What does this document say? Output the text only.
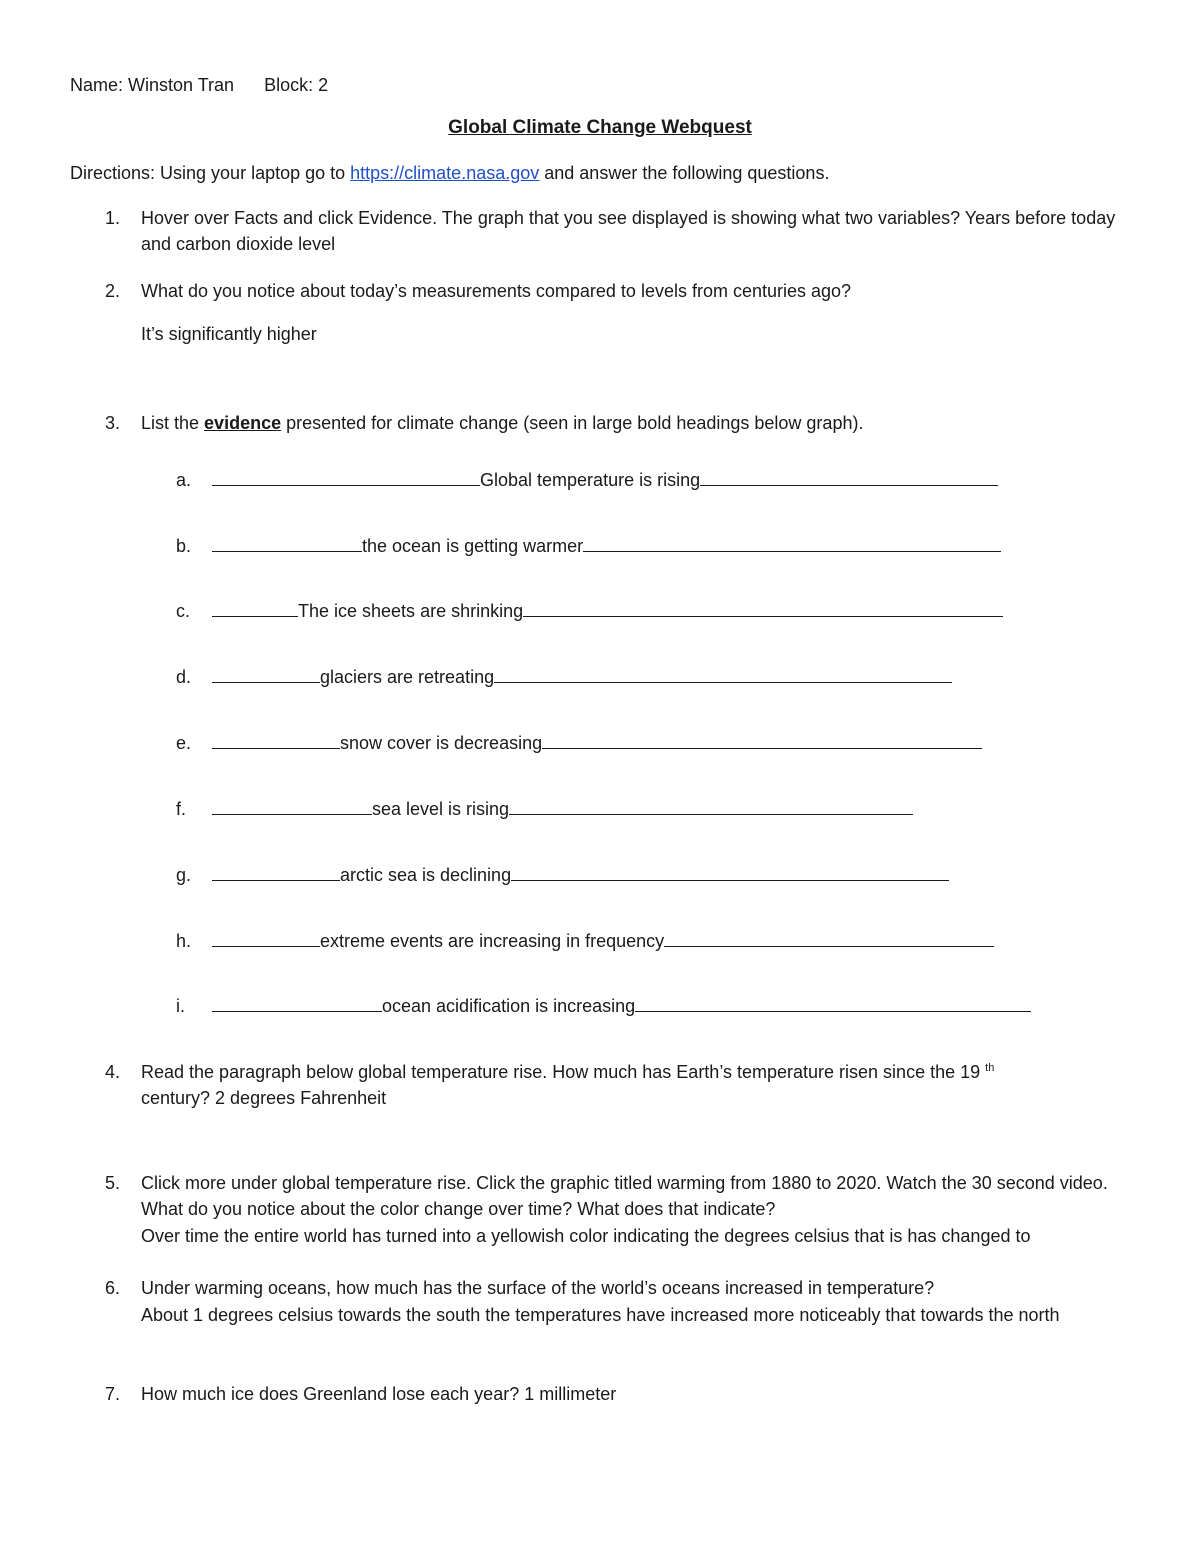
Name: Winston Tran Block: 2
Global Climate Change Webquest
Directions: Using your laptop go to https://climate.nasa.gov and answer the following questions.
1.	Hover over Facts and click Evidence. The graph that you see displayed is showing what two variables? Years before today and carbon dioxide level
2.	What do you notice about today’s measurements compared to levels from centuries ago?
It’s significantly higher
3.	List the evidence presented for climate change (seen in large bold headings below graph).
a.	Global temperature is rising
b.	the ocean is getting warmer
c.	The ice sheets are shrinking
d.	glaciers are retreating
e.	snow cover is decreasing
f.	sea level is rising
g.	arctic sea is declining
h.	extreme events are increasing in frequency
i.	ocean acidification is increasing
4.	Read the paragraph below global temperature rise. How much has Earth’s temperature risen since the 19 $^{th}$
century? 2 degrees Fahrenheit
5.	Click more under global temperature rise. Click the graphic titled warming from 1880 to 2020. Watch the 30 second video. What do you notice about the color change over time? What does that indicate?
Over time the entire world has turned into a yellowish color indicating the degrees celsius that is has changed to
6.	Under warming oceans, how much has the surface of the world’s oceans increased in temperature?
About 1 degrees celsius towards the south the temperatures have increased more noticeably that towards the north
7.	How much ice does Greenland lose each year? 1 millimeter
